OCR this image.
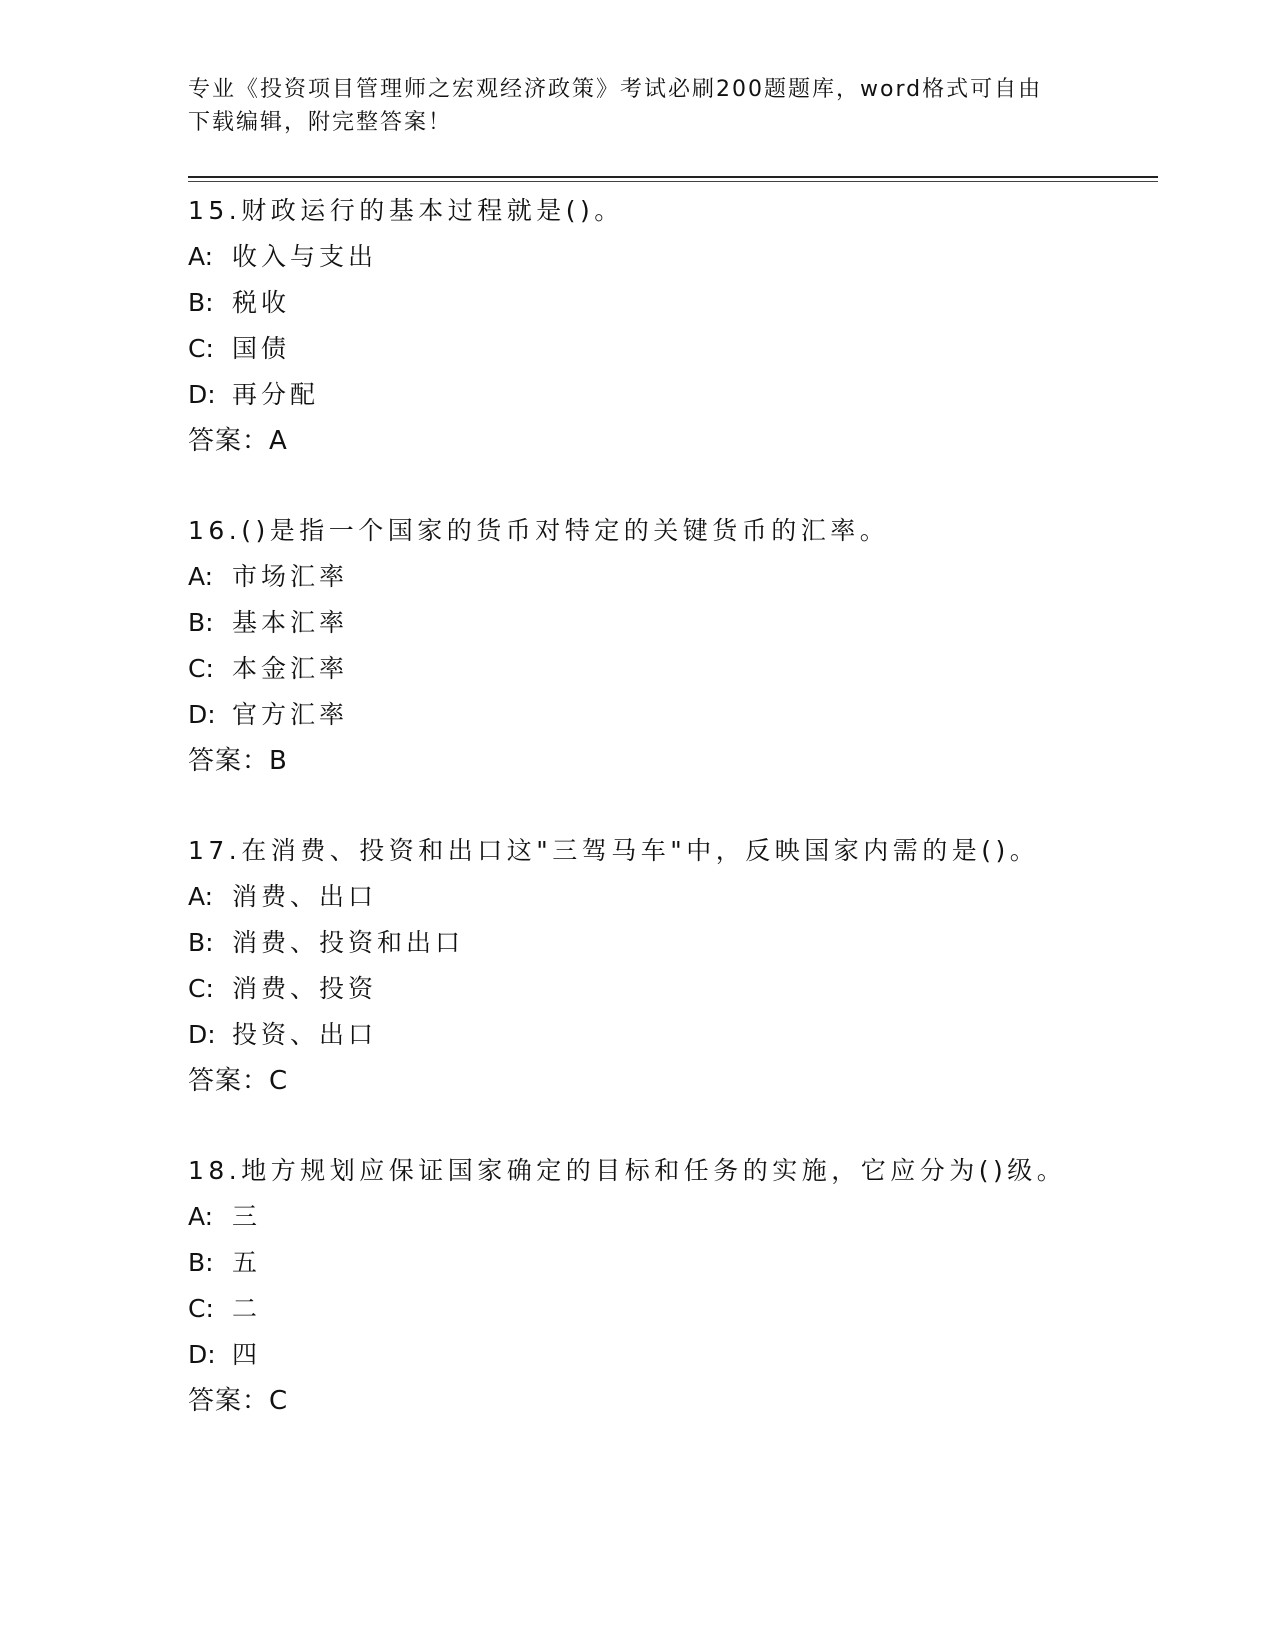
专业《投资项目管理师之宏观经济政策》考试必刷200题题库，word格式可自由
下载编辑，附完整答案！
15.财政运行的基本过程就是()。
A: 收入与支出
B: 税收
C: 国债
D: 再分配
答案：A
16.()是指一个国家的货币对特定的关键货币的汇率。
A: 市场汇率
B: 基本汇率
C: 本金汇率
D: 官方汇率
答案：B
17.在消费、投资和出口这"三驾马车"中，反映国家内需的是()。
A: 消费、出口
B: 消费、投资和出口
C: 消费、投资
D: 投资、出口
答案：C
18.地方规划应保证国家确定的目标和任务的实施，它应分为()级。
A: 三
B: 五
C: 二
D: 四
答案：C
